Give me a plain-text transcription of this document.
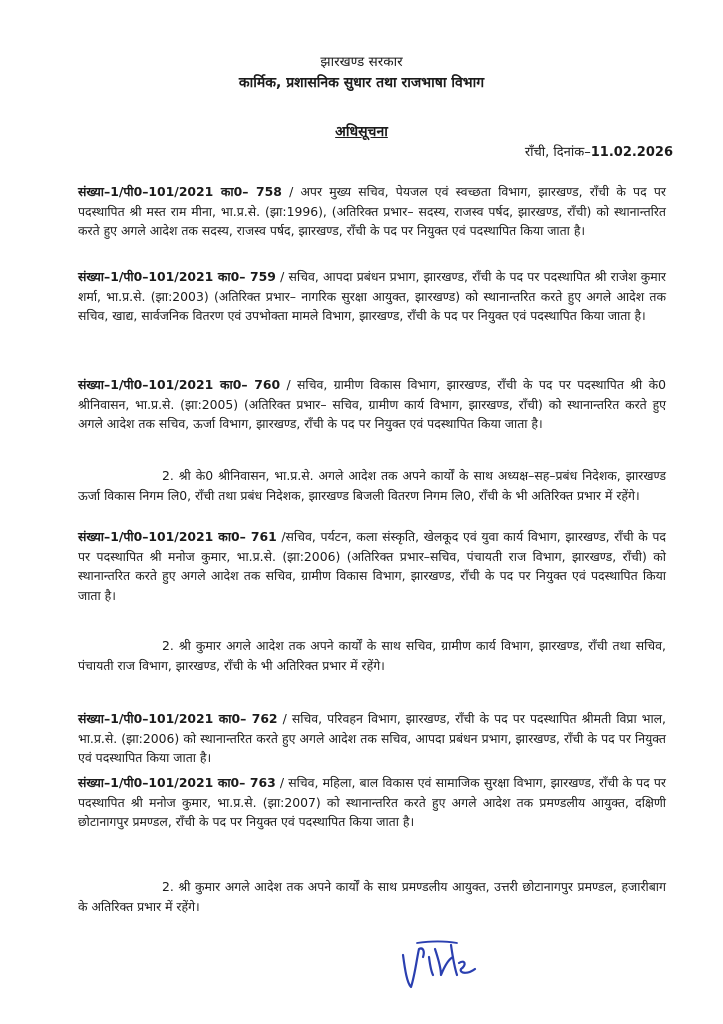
झारखण्ड सरकार
कार्मिक, प्रशासनिक सुधार तथा राजभाषा विभाग
अधिसूचना
राँची, दिनांक–11.02.2026
संख्या–1/पी0–101/2021 का0– 758 / अपर मुख्य सचिव, पेयजल एवं स्वच्छता विभाग, झारखण्ड, राँची के पद पर पदस्थापित श्री मस्त राम मीना, भा.प्र.से. (झा:1996), (अतिरिक्त प्रभार– सदस्य, राजस्व पर्षद, झारखण्ड, राँची) को स्थानान्तरित करते हुए अगले आदेश तक सदस्य, राजस्व पर्षद, झारखण्ड, राँची के पद पर नियुक्त एवं पदस्थापित किया जाता है।
संख्या–1/पी0–101/2021 का0– 759 / सचिव, आपदा प्रबंधन प्रभाग, झारखण्ड, राँची के पद पर पदस्थापित श्री राजेश कुमार शर्मा, भा.प्र.से. (झा:2003) (अतिरिक्त प्रभार– नागरिक सुरक्षा आयुक्त, झारखण्ड) को स्थानान्तरित करते हुए अगले आदेश तक सचिव, खाद्य, सार्वजनिक वितरण एवं उपभोक्ता मामले विभाग, झारखण्ड, राँची के पद पर नियुक्त एवं पदस्थापित किया जाता है।
संख्या–1/पी0–101/2021 का0– 760 / सचिव, ग्रामीण विकास विभाग, झारखण्ड, राँची के पद पर पदस्थापित श्री के0 श्रीनिवासन, भा.प्र.से. (झा:2005) (अतिरिक्त प्रभार– सचिव, ग्रामीण कार्य विभाग, झारखण्ड, राँची) को स्थानान्तरित करते हुए अगले आदेश तक सचिव, ऊर्जा विभाग, झारखण्ड, राँची के पद पर नियुक्त एवं पदस्थापित किया जाता है।
2. श्री के0 श्रीनिवासन, भा.प्र.से. अगले आदेश तक अपने कार्यों के साथ अध्यक्ष–सह–प्रबंध निदेशक, झारखण्ड ऊर्जा विकास निगम लि0, राँची तथा प्रबंध निदेशक, झारखण्ड बिजली वितरण निगम लि0, राँची के भी अतिरिक्त प्रभार में रहेंगे।
संख्या–1/पी0–101/2021 का0– 761 /सचिव, पर्यटन, कला संस्कृति, खेलकूद एवं युवा कार्य विभाग, झारखण्ड, राँची के पद पर पदस्थापित श्री मनोज कुमार, भा.प्र.से. (झा:2006) (अतिरिक्त प्रभार–सचिव, पंचायती राज विभाग, झारखण्ड, राँची) को स्थानान्तरित करते हुए अगले आदेश तक सचिव, ग्रामीण विकास विभाग, झारखण्ड, राँची के पद पर नियुक्त एवं पदस्थापित किया जाता है।
2. श्री कुमार अगले आदेश तक अपने कार्यों के साथ सचिव, ग्रामीण कार्य विभाग, झारखण्ड, राँची तथा सचिव, पंचायती राज विभाग, झारखण्ड, राँची के भी अतिरिक्त प्रभार में रहेंगे।
संख्या–1/पी0–101/2021 का0– 762 / सचिव, परिवहन विभाग, झारखण्ड, राँची के पद पर पदस्थापित श्रीमती विप्रा भाल, भा.प्र.से. (झा:2006) को स्थानान्तरित करते हुए अगले आदेश तक सचिव, आपदा प्रबंधन प्रभाग, झारखण्ड, राँची के पद पर नियुक्त एवं पदस्थापित किया जाता है।
संख्या–1/पी0–101/2021 का0– 763 / सचिव, महिला, बाल विकास एवं सामाजिक सुरक्षा विभाग, झारखण्ड, राँची के पद पर पदस्थापित श्री मनोज कुमार, भा.प्र.से. (झा:2007) को स्थानान्तरित करते हुए अगले आदेश तक प्रमण्डलीय आयुक्त, दक्षिणी छोटानागपुर प्रमण्डल, राँची के पद पर नियुक्त एवं पदस्थापित किया जाता है।
2. श्री कुमार अगले आदेश तक अपने कार्यों के साथ प्रमण्डलीय आयुक्त, उत्तरी छोटानागपुर प्रमण्डल, हजारीबाग के अतिरिक्त प्रभार में रहेंगे।
